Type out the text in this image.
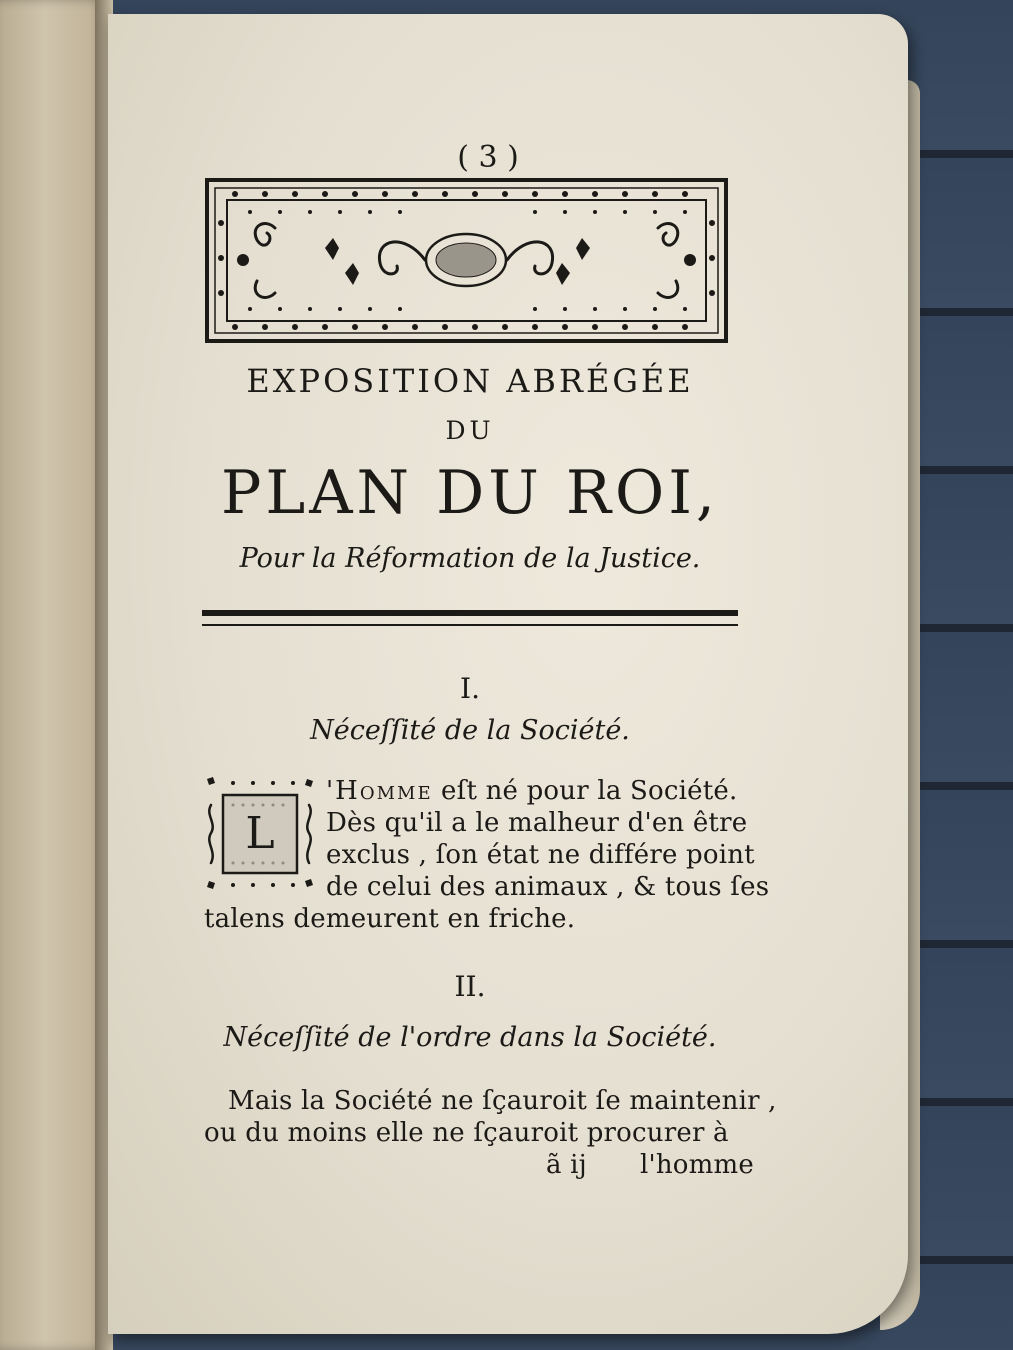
( 3 )
EXPOSITION ABRÉGÉE
DU
PLAN DU ROI,
Pour la Réformation de la Justice.
I.
Néceſſité de la Société.
L
'Homme eſt né pour la Société.
Dès qu'il a le malheur d'en être
exclus , ſon état ne différe point
de celui des animaux , & tous ſes
talens demeurent en friche.
II.
Néceſſité de l'ordre dans la Société.
Mais la Société ne ſçauroit ſe maintenir ,
ou du moins elle ne ſçauroit procurer à
ã ij l'homme
